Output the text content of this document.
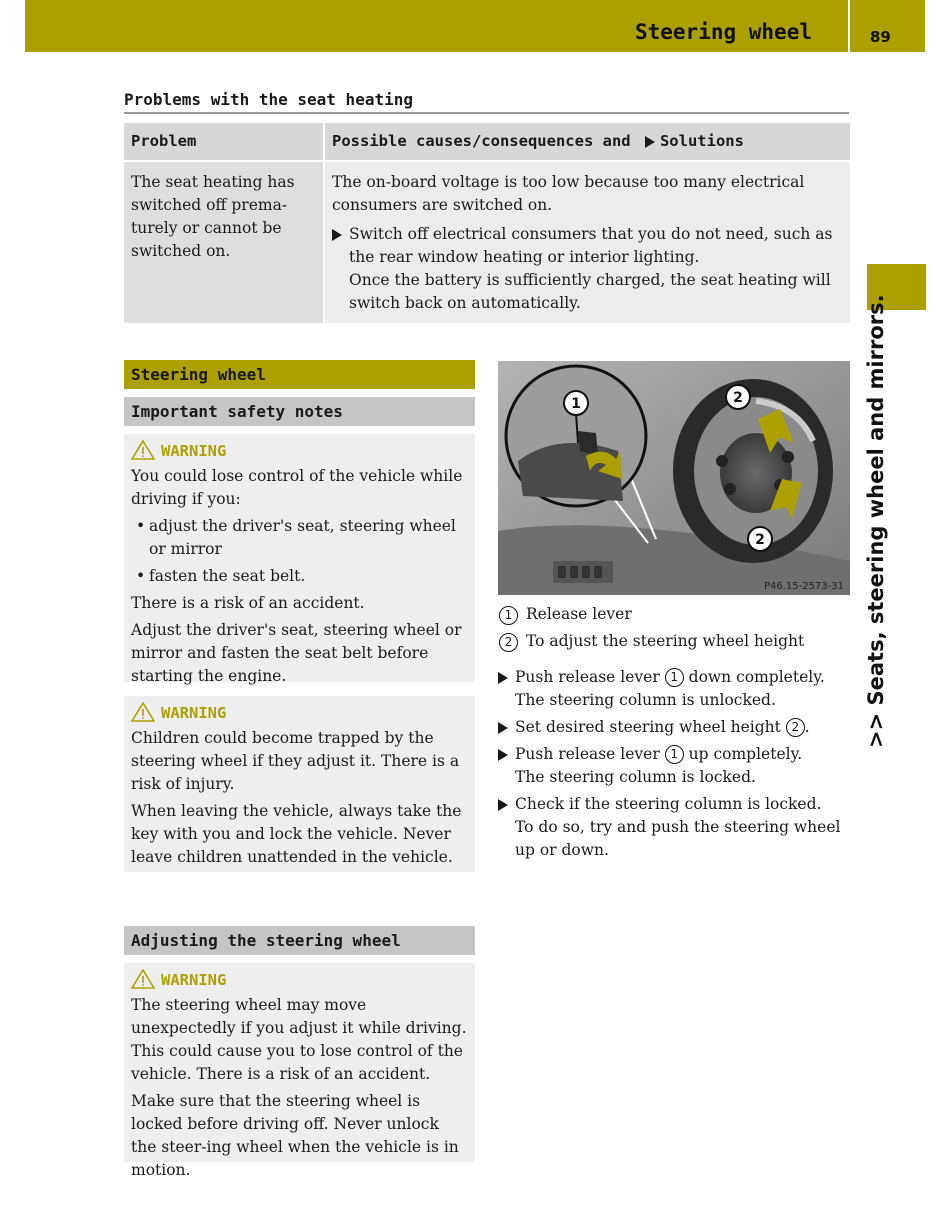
Steering wheel	89
>> Seats, steering wheel and mirrors.
Problems with the seat heating
Problem	Possible causes/consequences and Solutions
The seat heating has switched off prema-turely or cannot be switched on.	The on-board voltage is too low because too many electrical consumers are switched on.
Switch off electrical consumers that you do not need, such as the rear window heating or interior lighting.
Once the battery is sufficiently charged, the seat heating will switch back on automatically.
Steering wheel
Important safety notes

WARNING

You could lose control of the vehicle while driving if you:

• adjust the driver's seat, steering wheel or mirror
• fasten the seat belt.

There is a risk of an accident.

Adjust the driver's seat, steering wheel or mirror and fasten the seat belt before starting the engine.

WARNING

Children could become trapped by the steering wheel if they adjust it. There is a risk of injury.

When leaving the vehicle, always take the key with you and lock the vehicle. Never leave children unattended in the vehicle.

Adjusting the steering wheel

WARNING

The steering wheel may move unexpectedly if you adjust it while driving. This could cause you to lose control of the vehicle. There is a risk of an accident.

Make sure that the steering wheel is locked before driving off. Never unlock the steer-ing wheel when the vehicle is in motion.

1	2
2
P46.15-2573-31
1 Release lever
2 To adjust the steering wheel height
Push release lever 1 down completely.
The steering column is unlocked.
Set desired steering wheel height 2 .
Push release lever 1 up completely.
The steering column is locked.
Check if the steering column is locked.
To do so, try and push the steering wheel up or down.
